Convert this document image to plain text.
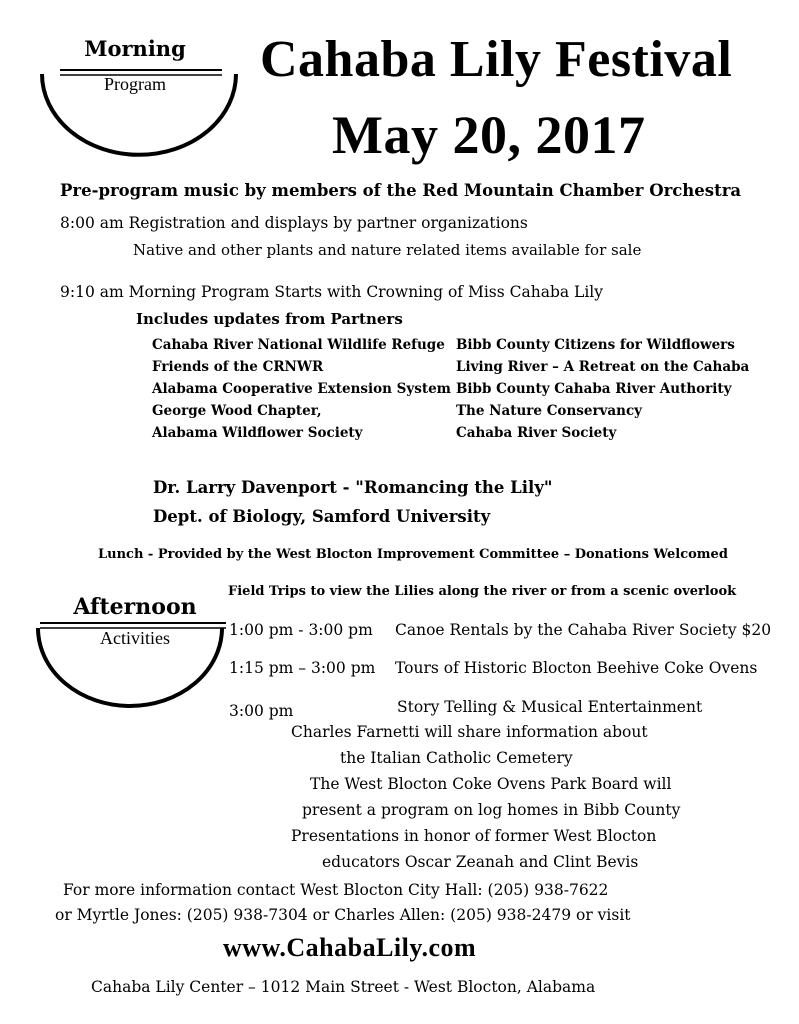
Morning
Program	Cahaba Lily Festival
May 20, 2017
Pre-program music by members of the Red Mountain Chamber Orchestra
8:00 am Registration and displays by partner organizations
Native and other plants and nature related items available for sale
9:10 am Morning Program Starts with Crowning of Miss Cahaba Lily
Includes updates from Partners
Cahaba River National Wildlife Refuge
Friends of the CRNWR
Alabama Cooperative Extension System
George Wood Chapter,
Alabama Wildflower Society
Bibb County Citizens for Wildflowers
Living River – A Retreat on the Cahaba
Bibb County Cahaba River Authority
The Nature Conservancy
Cahaba River Society
Dr. Larry Davenport - "Romancing the Lily"
Dept. of Biology, Samford University
Lunch - Provided by the West Blocton Improvement Committee – Donations Welcomed
Afternoon
Activities
Field Trips to view the Lilies along the river or from a scenic overlook
1:00 pm - 3:00 pm Canoe Rentals by the Cahaba River Society $20
1:15 pm – 3:00 pm Tours of Historic Blocton Beehive Coke Ovens
3:00 pm	Story Telling & Musical Entertainment
Charles Farnetti will share information about
the Italian Catholic Cemetery
The West Blocton Coke Ovens Park Board will
present a program on log homes in Bibb County
Presentations in honor of former West Blocton
educators Oscar Zeanah and Clint Bevis
For more information contact West Blocton City Hall: (205) 938-7622
or Myrtle Jones: (205) 938-7304 or Charles Allen: (205) 938-2479 or visit
www.CahabaLily.com
Cahaba Lily Center – 1012 Main Street - West Blocton, Alabama
